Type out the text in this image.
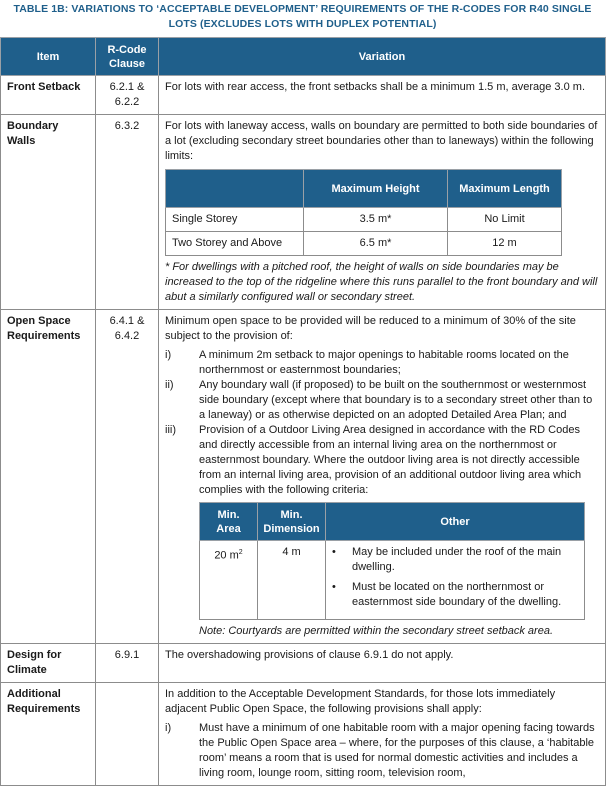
TABLE 1B: VARIATIONS TO ‘ACCEPTABLE DEVELOPMENT’ REQUIREMENTS OF THE R-CODES FOR R40 SINGLE
LOTS (EXCLUDES LOTS WITH DUPLEX POTENTIAL)
Item	R-Code Clause	Variation
Front Setback	6.2.1 & 6.2.2	For lots with rear access, the front setbacks shall be a minimum 1.5 m, average 3.0 m.
Boundary Walls	6.3.2	For lots with laneway access, walls on boundary are permitted to both side boundaries of a lot (excluding secondary street boundaries other than to laneways) within the following limits:

	Maximum Height	Maximum Length
Single Storey	3.5 m*	No Limit
Two Storey and Above	6.5 m*	12 m

* For dwellings with a pitched roof, the height of walls on side boundaries may be increased to the top of the ridgeline where this runs parallel to the front boundary and will abut a similarly configured wall or secondary street.

Open Space Requirements	6.4.1 & 6.4.2	

Minimum open space to be provided will be reduced to a minimum of 30% of the site subject to the provision of:

i)	A minimum 2m setback to major openings to habitable rooms located on the northernmost or easternmost boundaries;
ii)	Any boundary wall (if proposed) to be built on the southernmost or westernmost side boundary (except where that boundary is to a secondary street other than to a laneway) or as otherwise depicted on an adopted Detailed Area Plan; and
iii)	Provision of a Outdoor Living Area designed in accordance with the RD Codes and directly accessible from an internal living area on the northernmost or easternmost boundary. Where the outdoor living area is not directly accessible from an internal living area, provision of an additional outdoor living area which complies with the following criteria:
Min. Area	Min. Dimension	Other
20 $m^2$	4 m	•	May be included under the roof of the main dwelling.
•	Must be located on the northernmost or easternmost side boundary of the dwelling.

Note: Courtyards are permitted within the secondary street setback area.

Design for Climate	6.9.1	The overshadowing provisions of clause 6.9.1 do not apply.
Additional Requirements		

In addition to the Acceptable Development Standards, for those lots immediately adjacent Public Open Space, the following provisions shall apply:

i)	Must have a minimum of one habitable room with a major opening facing towards the Public Open Space area – where, for the purposes of this clause, a ‘habitable room’ means a room that is used for normal domestic activities and includes a living room, lounge room, sitting room, television room,
